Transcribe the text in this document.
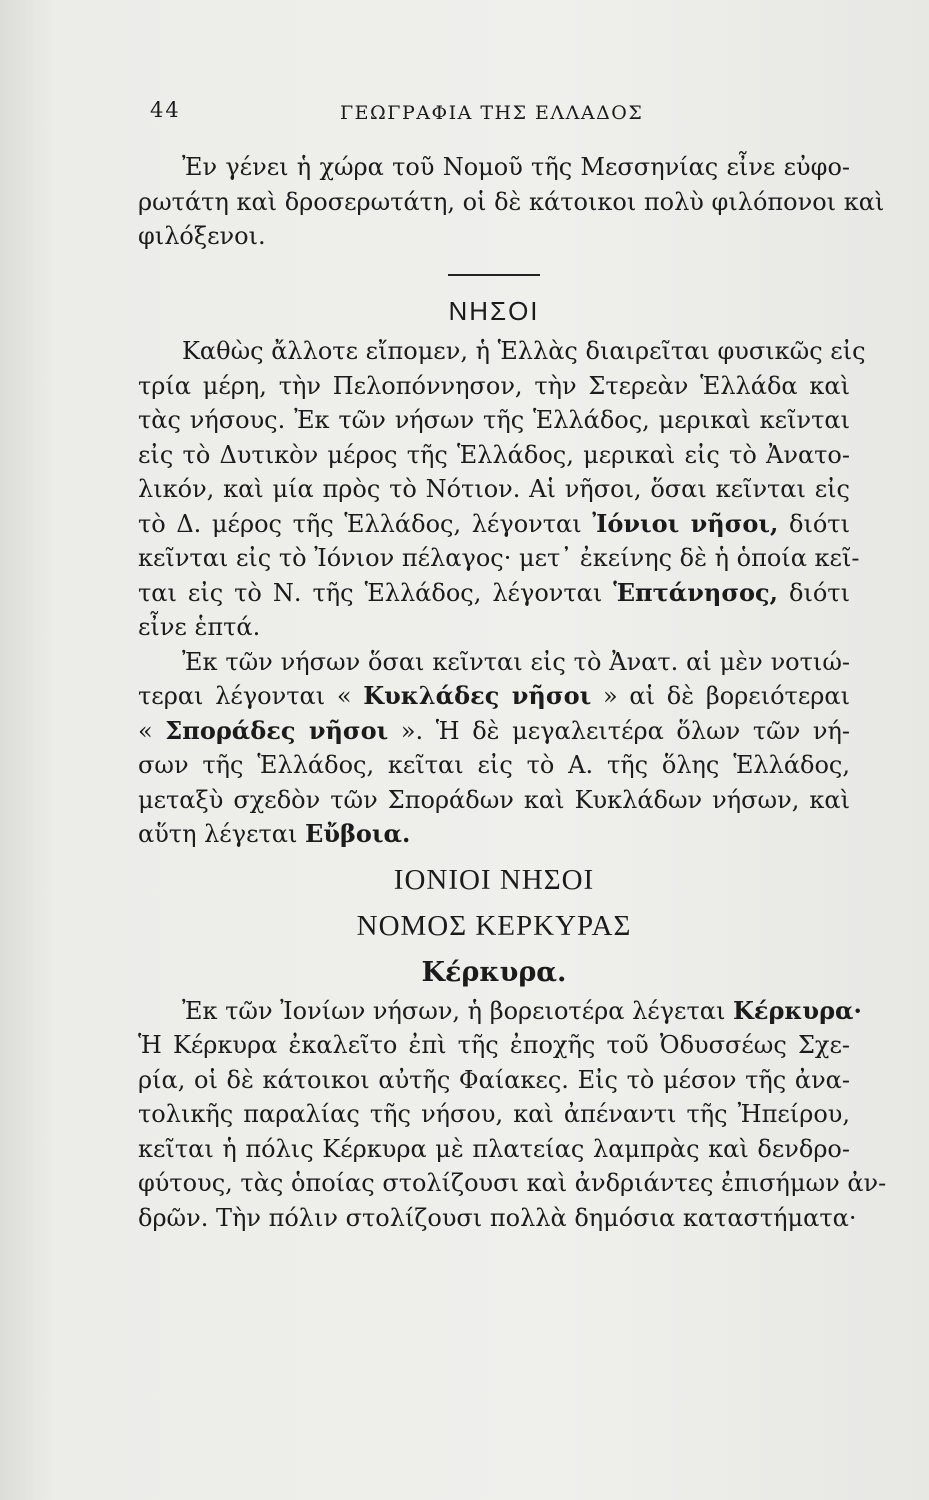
44	ΓΕΩΓΡΑΦΙΑ ΤΗΣ ΕΛΛΑΔΟΣ
Ἐν γένει ἡ χώρα τοῦ Νομοῦ τῆς Μεσσηνίας εἶνε εὐφο-
ρωτάτη καὶ δροσερωτάτη, οἱ δὲ κάτοικοι πολὺ φιλόπονοι καὶ
φιλόξενοι.
ΝΗΣΟΙ
Καθὼς ἄλλοτε εἴπομεν, ἡ Ἑλλὰς διαιρεῖται φυσικῶς εἰς
τρία μέρη, τὴν Πελοπόννησον, τὴν Στερεὰν Ἑλλάδα καὶ
τὰς νήσους. Ἐκ τῶν νήσων τῆς Ἑλλάδος, μερικαὶ κεῖνται
εἰς τὸ Δυτικὸν μέρος τῆς Ἑλλάδος, μερικαὶ εἰς τὸ Ἀνατο-
λικόν, καὶ μία πρὸς τὸ Νότιον. Αἱ νῆσοι, ὅσαι κεῖνται εἰς
τὸ Δ. μέρος τῆς Ἑλλάδος, λέγονται Ἰόνιοι νῆσοι, διότι
κεῖνται εἰς τὸ Ἰόνιον πέλαγος· μετ᾽ ἐκείνης δὲ ἡ ὁποία κεῖ-
ται εἰς τὸ Ν. τῆς Ἑλλάδος, λέγονται Ἑπτάνησος, διότι
εἶνε ἑπτά.
Ἐκ τῶν νήσων ὅσαι κεῖνται εἰς τὸ Ἀνατ. αἱ μὲν νοτιώ-
τεραι λέγονται « Κυκλάδες νῆσοι » αἱ δὲ βορειότεραι
« Σποράδες νῆσοι ». Ἡ δὲ μεγαλειτέρα ὅλων τῶν νή-
σων τῆς Ἑλλάδος, κεῖται εἰς τὸ Α. τῆς ὅλης Ἑλλάδος,
μεταξὺ σχεδὸν τῶν Σποράδων καὶ Κυκλάδων νήσων, καὶ
αὕτη λέγεται Εὔβοια.
ΙΟΝΙΟΙ ΝΗΣΟΙ
ΝΟΜΟΣ ΚΕΡΚΥΡΑΣ
Κέρκυρα.
Ἐκ τῶν Ἰονίων νήσων, ἡ βορειοτέρα λέγεται Κέρκυρα·
Ἡ Κέρκυρα ἐκαλεῖτο ἐπὶ τῆς ἐποχῆς τοῦ Ὀδυσσέως Σχε-
ρία, οἱ δὲ κάτοικοι αὐτῆς Φαίακες. Εἰς τὸ μέσον τῆς ἀνα-
τολικῆς παραλίας τῆς νήσου, καὶ ἀπέναντι τῆς Ἠπείρου,
κεῖται ἡ πόλις Κέρκυρα μὲ πλατείας λαμπρὰς καὶ δενδρο-
φύτους, τὰς ὁποίας στολίζουσι καὶ ἀνδριάντες ἐπισήμων ἀν-
δρῶν. Τὴν πόλιν στολίζουσι πολλὰ δημόσια καταστήματα·
